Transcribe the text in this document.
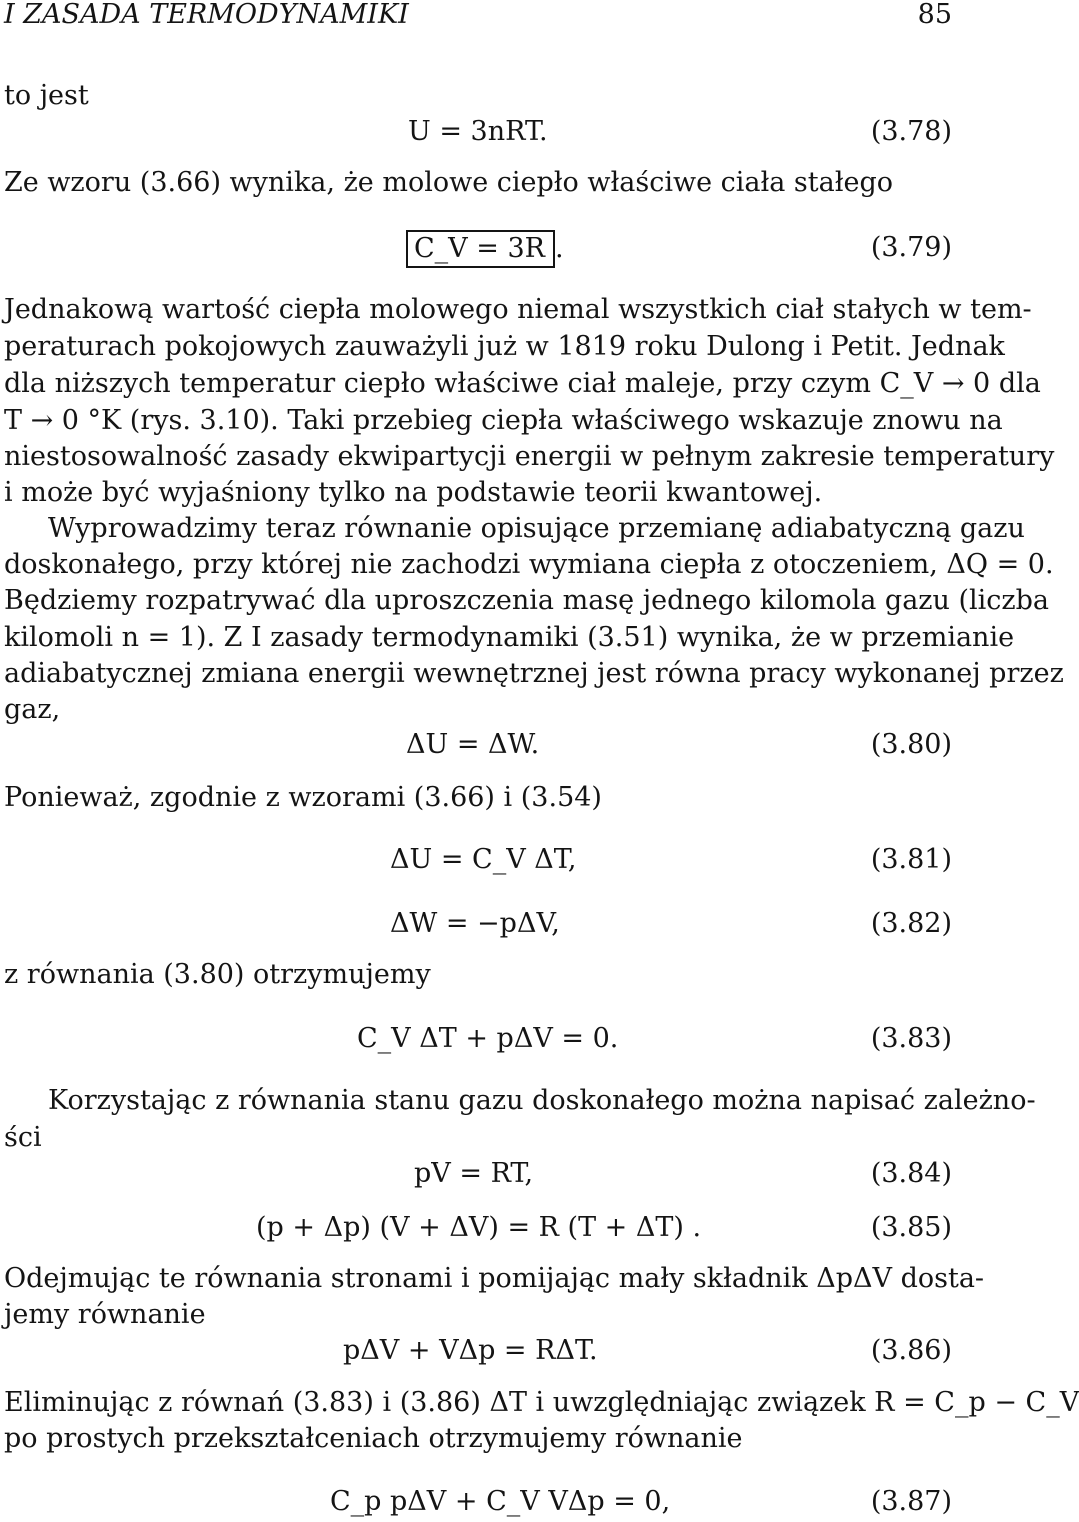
I ZASADA TERMODYNAMIKI	85
to jest
U = 3nRT.	(3.78)
Ze wzoru (3.66) wynika, że molowe ciepło właściwe ciała stałego
C_V = 3R .	(3.79)
Jednakową wartość ciepła molowego niemal wszystkich ciał stałych w tem-
peraturach pokojowych zauważyli już w 1819 roku Dulong i Petit. Jednak
dla niższych temperatur ciepło właściwe ciał maleje, przy czym C_V → 0 dla
T → 0 °K (rys. 3.10). Taki przebieg ciepła właściwego wskazuje znowu na
niestosowalność zasady ekwipartycji energii w pełnym zakresie temperatury
i może być wyjaśniony tylko na podstawie teorii kwantowej.
Wyprowadzimy teraz równanie opisujące przemianę adiabatyczną gazu
doskonałego, przy której nie zachodzi wymiana ciepła z otoczeniem, ΔQ = 0.
Będziemy rozpatrywać dla uproszczenia masę jednego kilomola gazu (liczba
kilomoli n = 1). Z I zasady termodynamiki (3.51) wynika, że w przemianie
adiabatycznej zmiana energii wewnętrznej jest równa pracy wykonanej przez
gaz,
ΔU = ΔW.	(3.80)
Ponieważ, zgodnie z wzorami (3.66) i (3.54)
ΔU = C_V ΔT,	(3.81)
ΔW = −pΔV,	(3.82)
z równania (3.80) otrzymujemy
C_V ΔT + pΔV = 0.	(3.83)
Korzystając z równania stanu gazu doskonałego można napisać zależno-
ści
pV = RT,	(3.84)
(p + Δp) (V + ΔV) = R (T + ΔT) .	(3.85)
Odejmując te równania stronami i pomijając mały składnik ΔpΔV dosta-
jemy równanie
pΔV + VΔp = RΔT.	(3.86)
Eliminując z równań (3.83) i (3.86) ΔT i uwzględniając związek R = C_p − C_V
po prostych przekształceniach otrzymujemy równanie
C_p pΔV + C_V VΔp = 0,	(3.87)
